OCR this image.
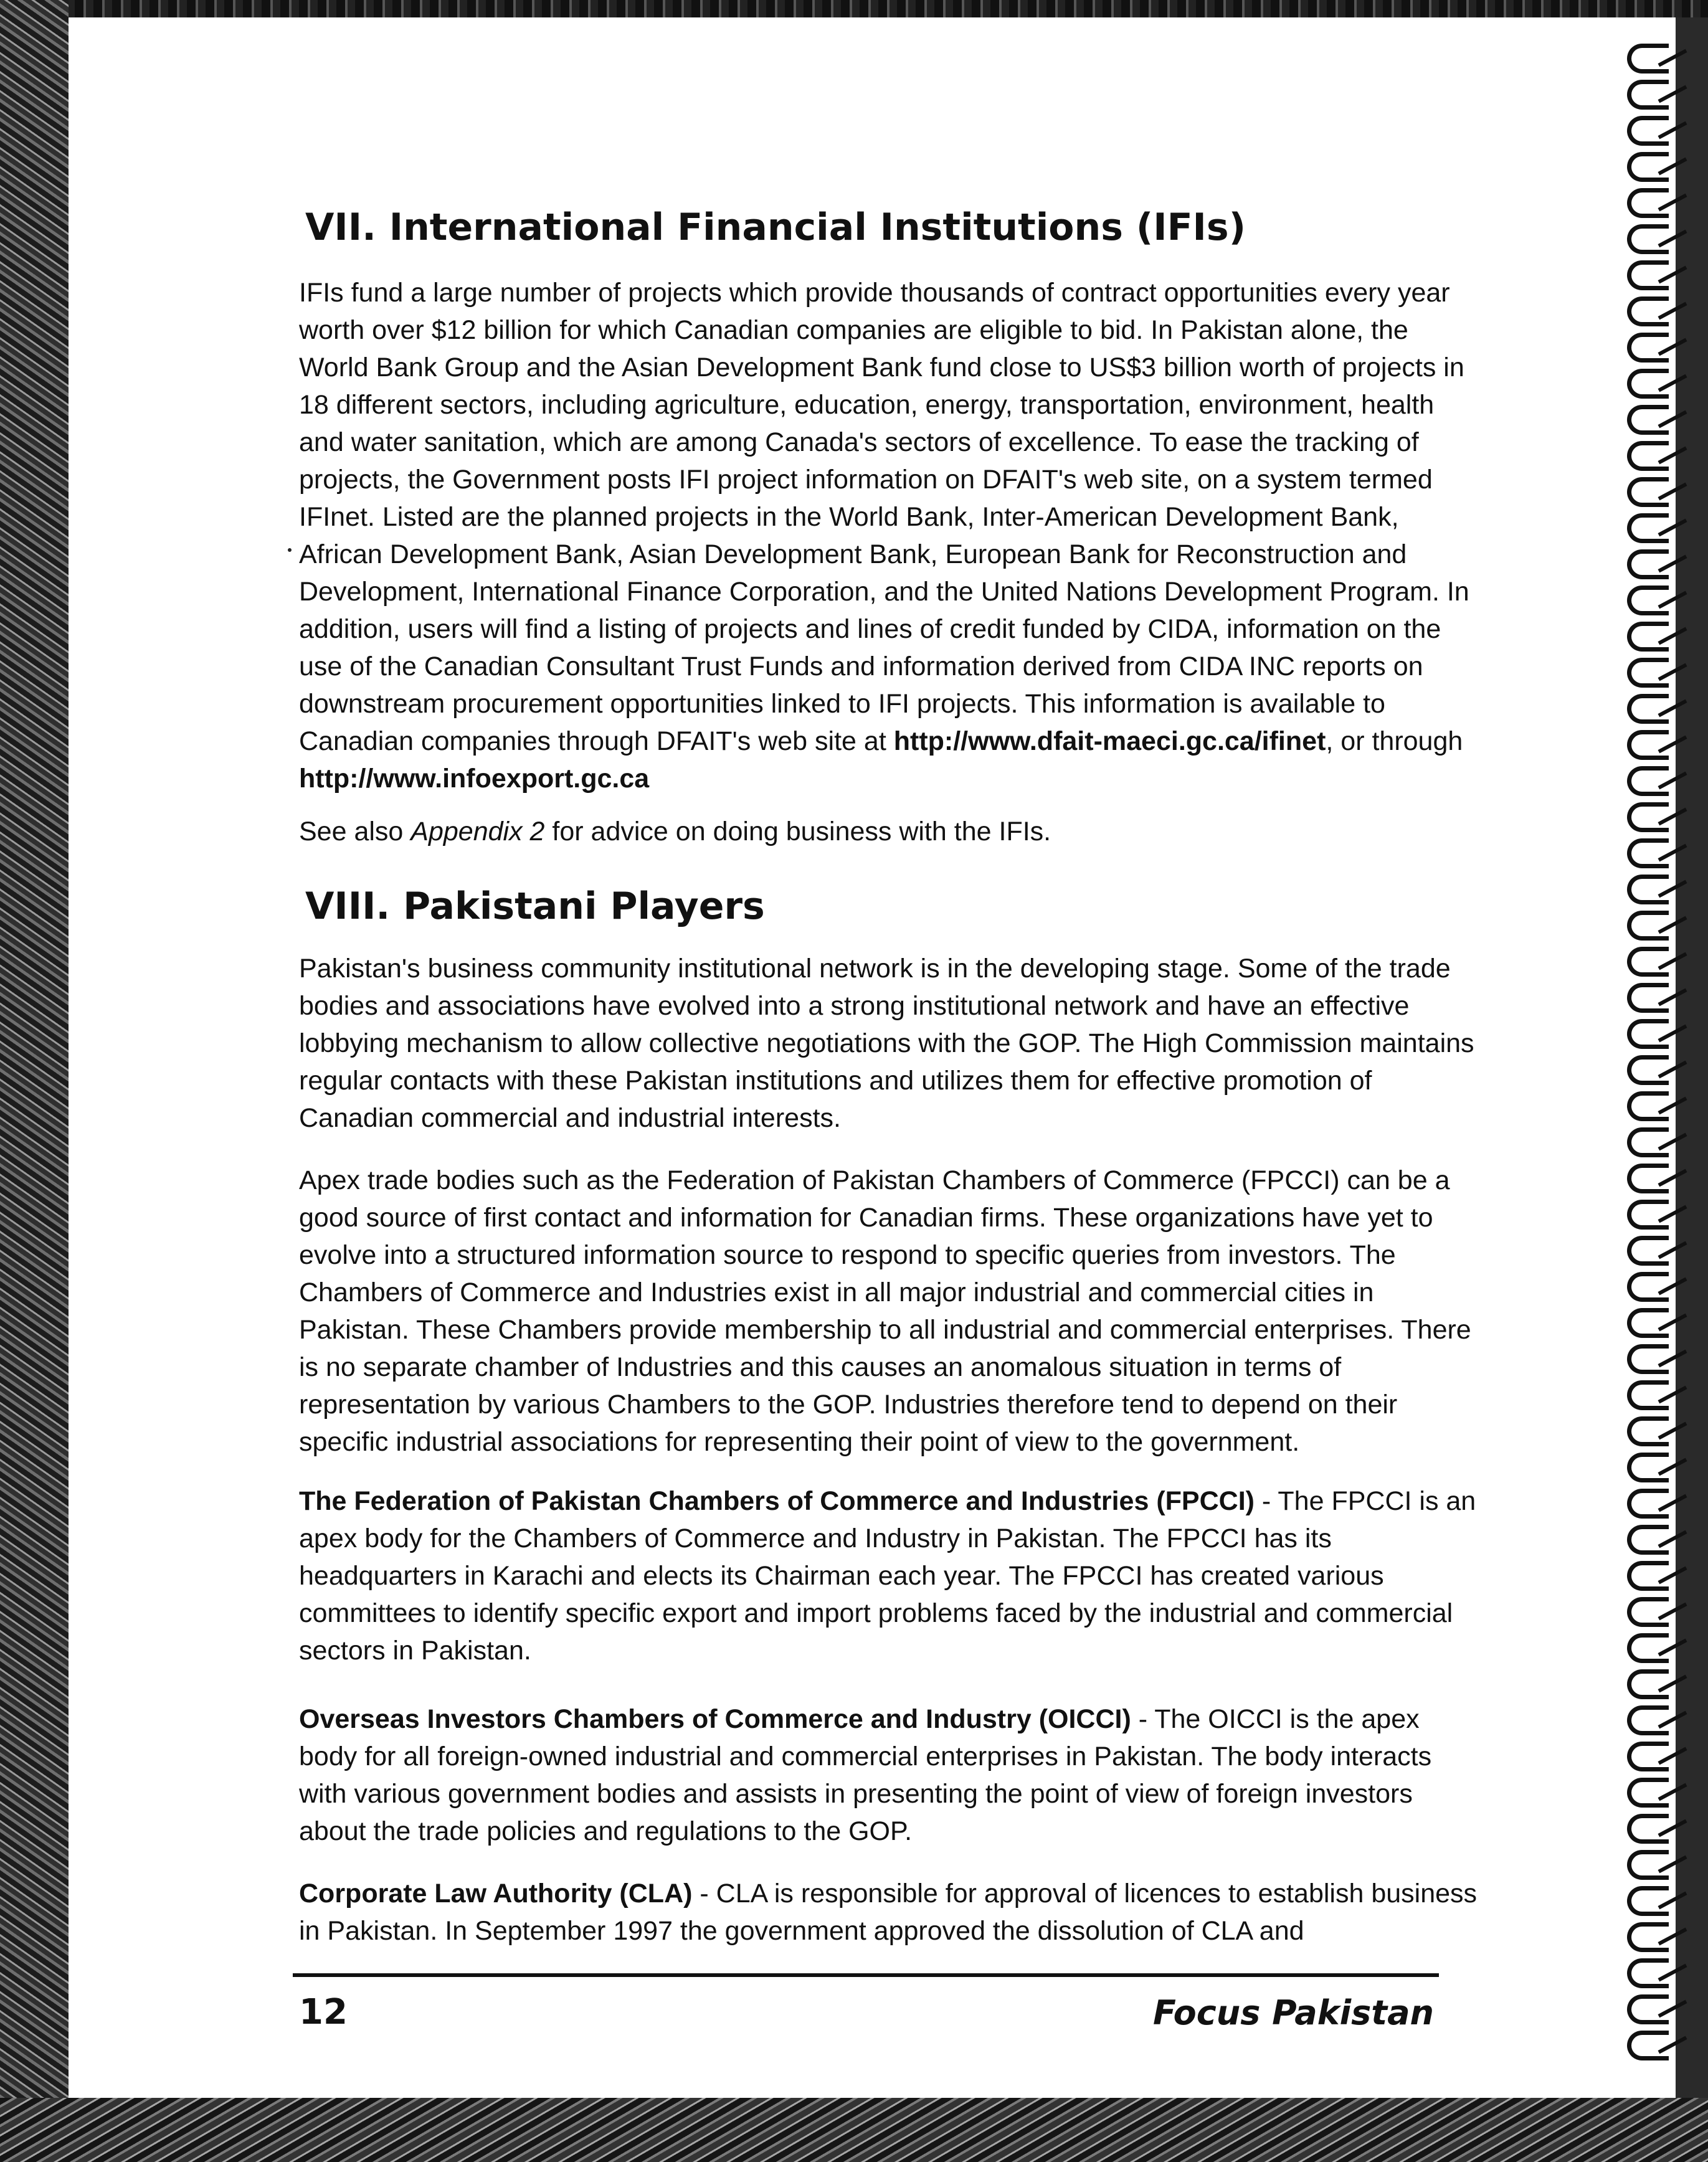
VII. International Financial Institutions (IFIs)

IFIs fund a large number of projects which provide thousands of contract opportunities every year worth over $12 billion for which Canadian companies are eligible to bid. In Pakistan alone, the World Bank Group and the Asian Development Bank fund close to US$3 billion worth of projects in 18 different sectors, including agriculture, education, energy, transportation, environment, health and water sanitation, which are among Canada's sectors of excellence. To ease the tracking of projects, the Government posts IFI project information on DFAIT's web site, on a system termed IFInet. Listed are the planned projects in the World Bank, Inter-American Development Bank, African Development Bank, Asian Development Bank, European Bank for Reconstruction and Development, International Finance Corporation, and the United Nations Development Program. In addition, users will find a listing of projects and lines of credit funded by CIDA, information on the use of the Canadian Consultant Trust Funds and information derived from CIDA INC reports on downstream procurement opportunities linked to IFI projects. This information is available to Canadian companies through DFAIT's web site at http://www.dfait-maeci.gc.ca/ifinet, or through http://www.infoexport.gc.ca

See also Appendix 2 for advice on doing business with the IFIs.

VIII. Pakistani Players

Pakistan's business community institutional network is in the developing stage. Some of the trade bodies and associations have evolved into a strong institutional network and have an effective lobbying mechanism to allow collective negotiations with the GOP. The High Commission maintains regular contacts with these Pakistan institutions and utilizes them for effective promotion of Canadian commercial and industrial interests.

Apex trade bodies such as the Federation of Pakistan Chambers of Commerce (FPCCI) can be a good source of first contact and information for Canadian firms. These organizations have yet to evolve into a structured information source to respond to specific queries from investors. The Chambers of Commerce and Industries exist in all major industrial and commercial cities in Pakistan. These Chambers provide membership to all industrial and commercial enterprises. There is no separate chamber of Industries and this causes an anomalous situation in terms of representation by various Chambers to the GOP. Industries therefore tend to depend on their specific industrial associations for representing their point of view to the government.

The Federation of Pakistan Chambers of Commerce and Industries (FPCCI) - The FPCCI is an apex body for the Chambers of Commerce and Industry in Pakistan. The FPCCI has its headquarters in Karachi and elects its Chairman each year. The FPCCI has created various committees to identify specific export and import problems faced by the industrial and commercial sectors in Pakistan.

Overseas Investors Chambers of Commerce and Industry (OICCI) - The OICCI is the apex body for all foreign-owned industrial and commercial enterprises in Pakistan. The body interacts with various government bodies and assists in presenting the point of view of foreign investors about the trade policies and regulations to the GOP.

Corporate Law Authority (CLA) - CLA is responsible for approval of licences to establish business in Pakistan. In September 1997 the government approved the dissolution of CLA and

12	Focus Pakistan
